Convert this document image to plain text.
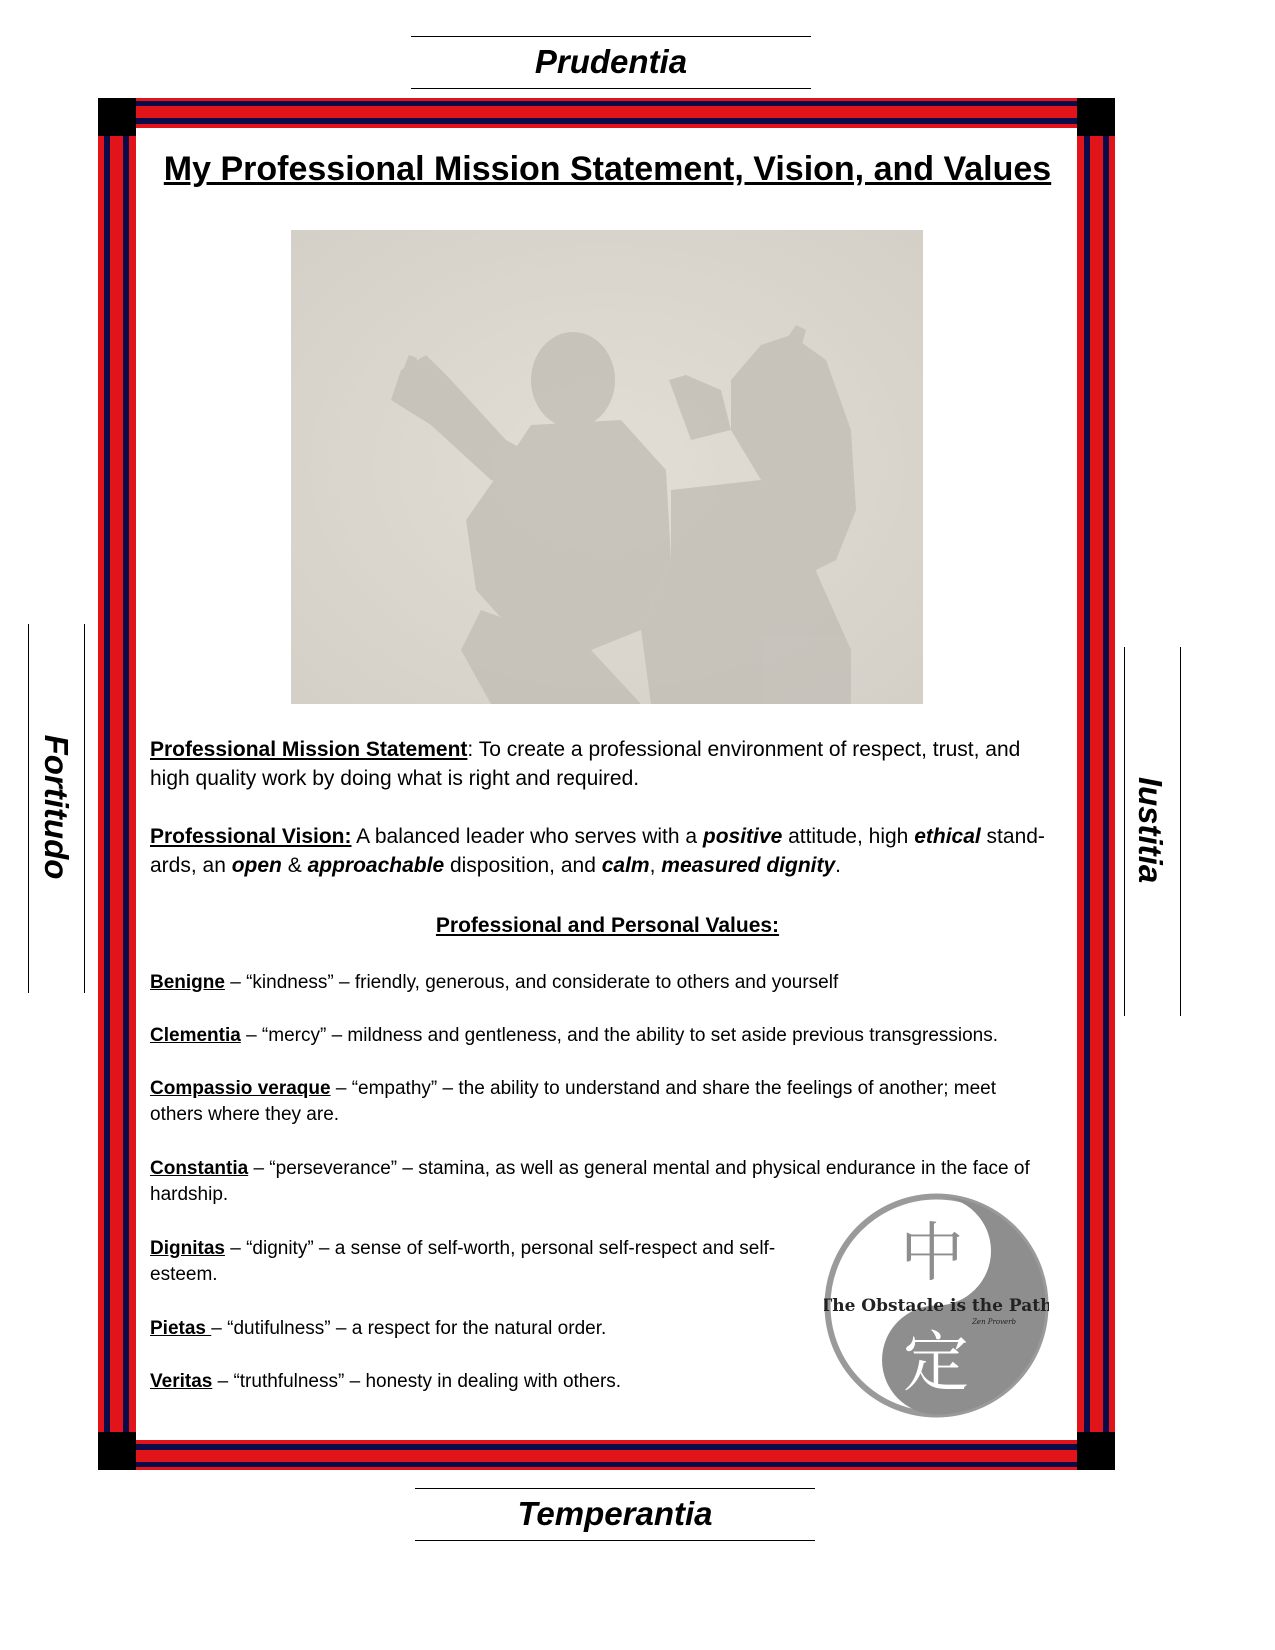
Prudentia
Fortitudo	Iustitia
Temperantia
My Professional Mission Statement, Vision, and Values
Professional Mission Statement: To create a professional environment of respect, trust, and high quality work by doing what is right and required.
Professional Vision: A balanced leader who serves with a positive attitude, high ethical stand-ards, an open & approachable disposition, and calm, measured dignity.
Professional and Personal Values:
Benigne – “kindness” – friendly, generous, and considerate to others and yourself
Clementia – “mercy” – mildness and gentleness, and the ability to set aside previous transgressions.
Compassio veraque – “empathy” – the ability to understand and share the feelings of another; meet others where they are.
Constantia – “perseverance” – stamina, as well as general mental and physical endurance in the face of hardship.
Dignitas – “dignity” – a sense of self-worth, personal self-respect and self-esteem.
Pietas – “dutifulness” – a respect for the natural order.
Veritas – “truthfulness” – honesty in dealing with others.
中
定
The Obstacle is the Path
Zen Proverb
